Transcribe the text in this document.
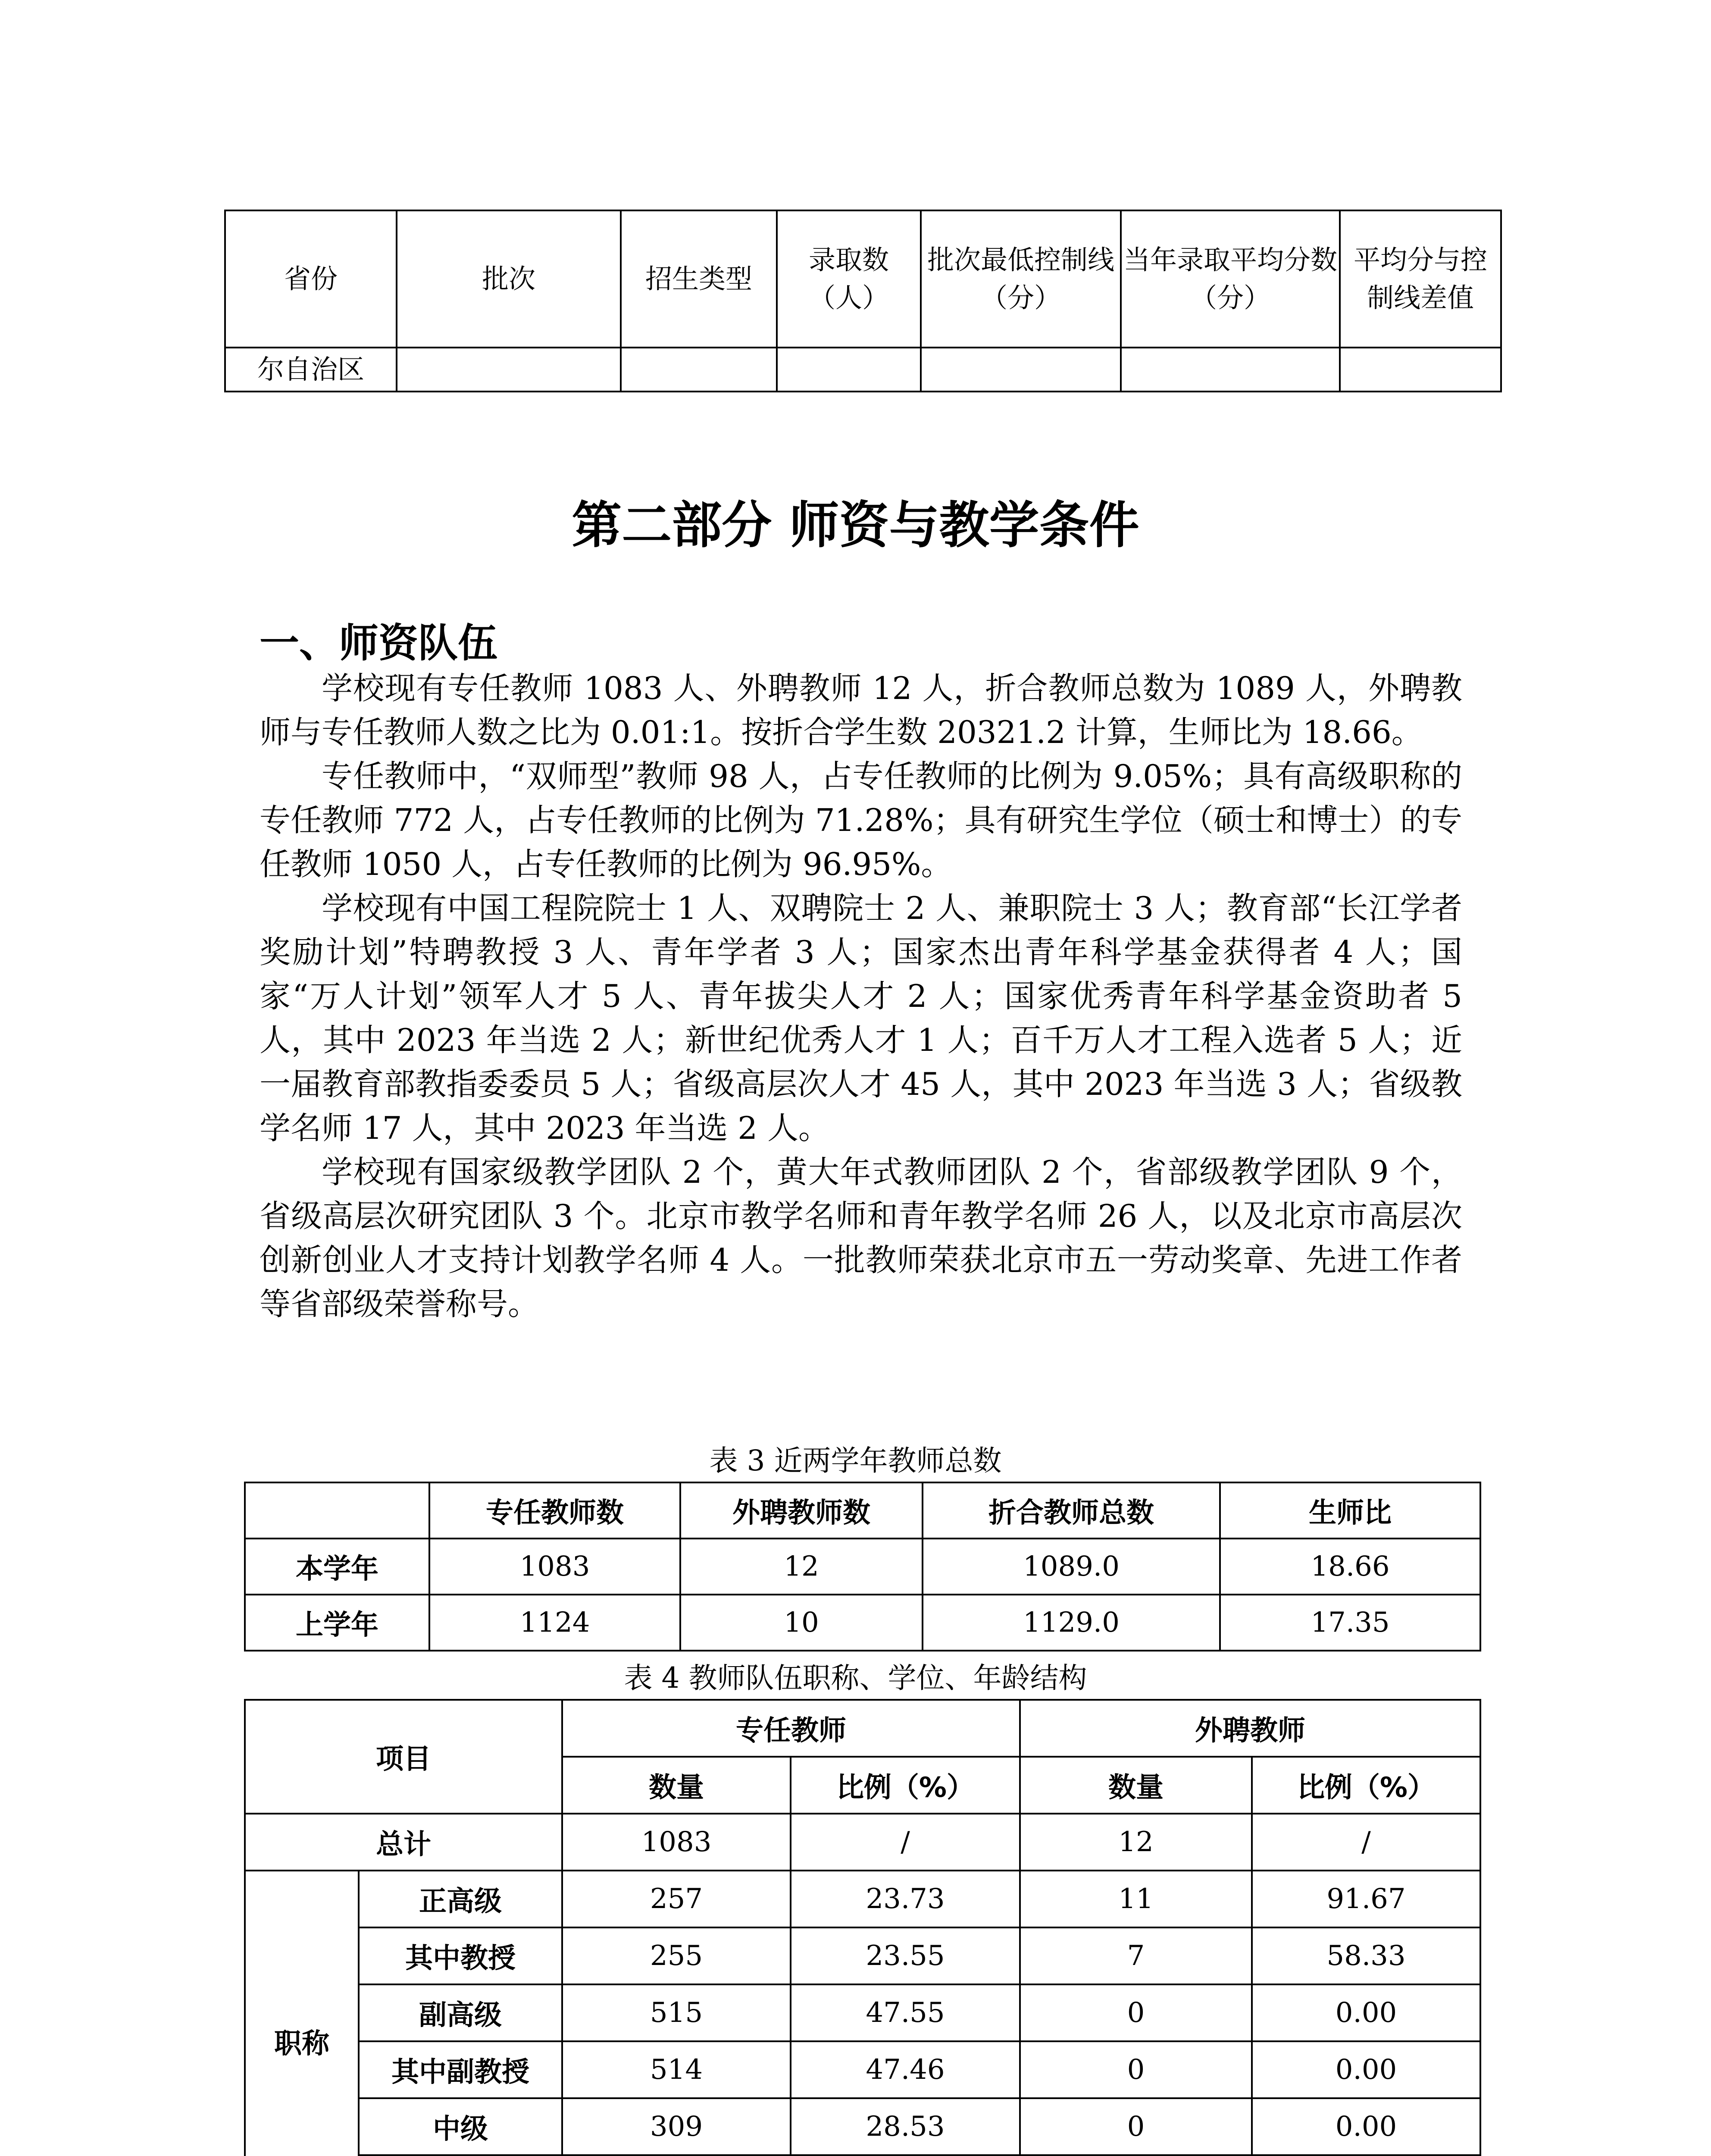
省份	批次	招生类型	录取数（人）	批次最低控制线（分）	当年录取平均分数（分）	平均分与控制线差值
尔自治区						
第二部分 师资与教学条件
一、师资队伍

学校现有专任教师 1083 人、外聘教师 12 人，折合教师总数为 1089 人，外聘教师与专任教师人数之比为 0.01:1。按折合学生数 20321.2 计算，生师比为 18.66。

专任教师中，“双师型”教师 98 人，占专任教师的比例为 9.05%；具有高级职称的专任教师 772 人，占专任教师的比例为 71.28%；具有研究生学位（硕士和博士）的专任教师 1050 人，占专任教师的比例为 96.95%。

学校现有中国工程院院士 1 人、双聘院士 2 人、兼职院士 3 人；教育部“长江学者奖励计划”特聘教授 3 人、青年学者 3 人；国家杰出青年科学基金获得者 4 人；国家“万人计划”领军人才 5 人、青年拔尖人才 2 人；国家优秀青年科学基金资助者 5 人，其中 2023 年当选 2 人；新世纪优秀人才 1 人；百千万人才工程入选者 5 人；近一届教育部教指委委员 5 人；省级高层次人才 45 人，其中 2023 年当选 3 人；省级教学名师 17 人，其中 2023 年当选 2 人。

学校现有国家级教学团队 2 个，黄大年式教师团队 2 个，省部级教学团队 9 个，省级高层次研究团队 3 个。北京市教学名师和青年教学名师 26 人，以及北京市高层次创新创业人才支持计划教学名师 4 人。一批教师荣获北京市五一劳动奖章、先进工作者等省部级荣誉称号。

表 3 近两学年教师总数

	专任教师数	外聘教师数	折合教师总数	生师比
本学年	1083	12	1089.0	18.66
上学年	1124	10	1129.0	17.35

表 4 教师队伍职称、学位、年龄结构

项目		专任教师		外聘教师	
		数量	比例（%）	数量	比例（%）
总计		1083	/	12	/
职称	正高级	257	23.73	11	91.67
	其中教授	255	23.55	7	58.33
	副高级	515	47.55	0	0.00
	其中副教授	514	47.46	0	0.00
	中级	309	28.53	0	0.00
